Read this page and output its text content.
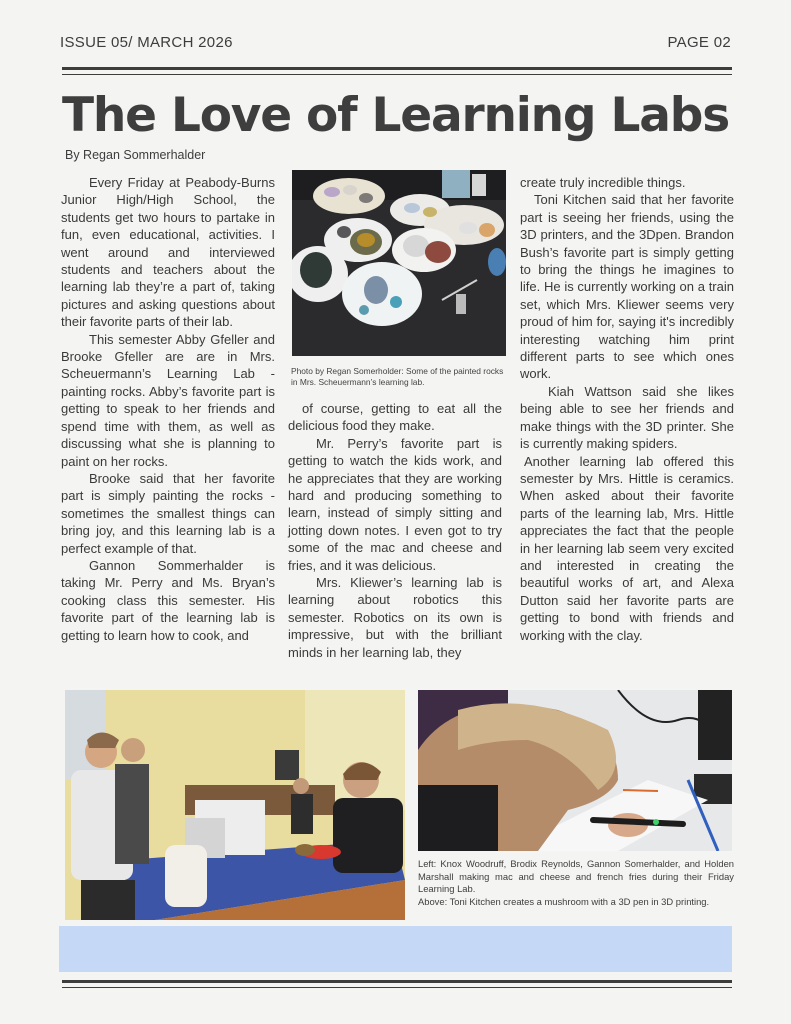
ISSUE 05/ MARCH 2026	PAGE 02
The Love of Learning Labs
By Regan Sommerhalder

Every Friday at Peabody-Burns Junior High/High School, the students get two hours to partake in fun, even educational, activities. I went around and interviewed students and teachers about the learning lab they’re a part of, taking pictures and asking questions about their favorite parts of their lab.

This semester Abby Gfeller and Brooke Gfeller are are in Mrs. Scheuermann’s Learning Lab - painting rocks. Abby’s favorite part is getting to speak to her friends and spend time with them, as well as discussing what she is planning to paint on her rocks.

Brooke said that her favorite part is simply painting the rocks - sometimes the smallest things can bring joy, and this learning lab is a perfect example of that.

Gannon Sommerhalder is taking Mr. Perry and Ms. Bryan’s cooking class this semester. His favorite part of the learning lab is getting to learn how to cook, and

Photo by Regan Somerholder: Some of the painted rocks in Mrs. Scheuermann’s learning lab.

of course, getting to eat all the delicious food they make.

Mr. Perry’s favorite part is getting to watch the kids work, and he appreciates that they are working hard and producing something to learn, instead of simply sitting and jotting down notes. I even got to try some of the mac and cheese and fries, and it was delicious.

Mrs. Kliewer’s learning lab is learning about robotics this semester. Robotics on its own is impressive, but with the brilliant minds in her learning lab, they

create truly incredible things.

Toni Kitchen said that her favorite part is seeing her friends, using the 3D printers, and the 3Dpen. Brandon Bush’s favorite part is simply getting to bring the things he imagines to life. He is currently working on a train set, which Mrs. Kliewer seems very proud of him for, saying it's incredibly interesting watching him print different parts to see which ones work.

Kiah Wattson said she likes being able to see her friends and make things with the 3D printer. She is currently making spiders.

Another learning lab offered this semester by Mrs. Hittle is ceramics. When asked about their favorite parts of the learning lab, Mrs. Hittle appreciates the fact that the people in her learning lab seem very excited and interested in creating the beautiful works of art, and Alexa Dutton said her favorite parts are getting to bond with friends and working with the clay.

Left: Knox Woodruff, Brodix Reynolds, Gannon Somerhalder, and Holden Marshall making mac and cheese and french fries during their Friday Learning Lab.
Above: Toni Kitchen creates a mushroom with a 3D pen in 3D printing.
